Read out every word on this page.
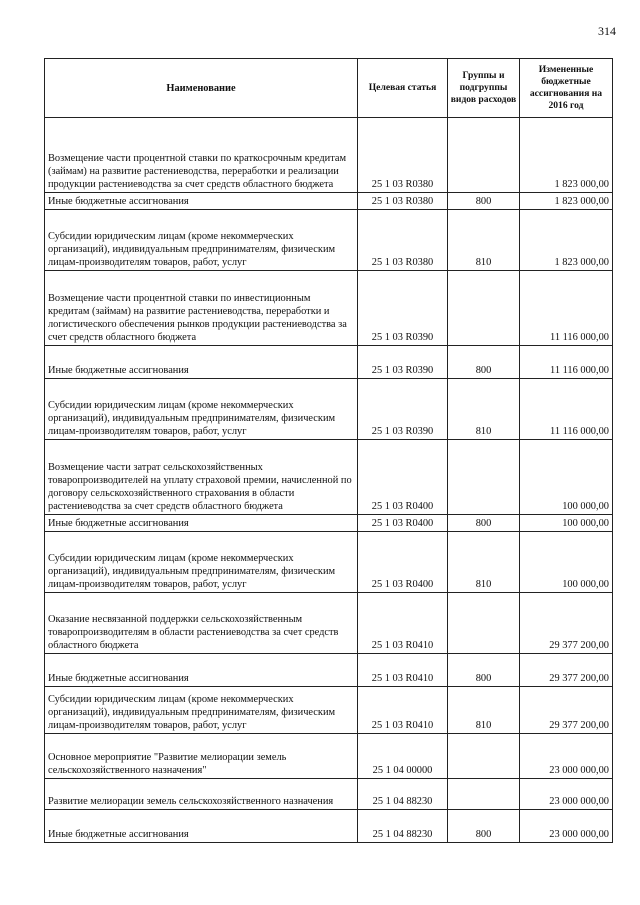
314
Наименование	Целевая статья	Группы и подгруппы видов расходов	Измененные бюджетные ассигнования на 2016 год
Возмещение части процентной ставки по краткосрочным кредитам (займам) на развитие растениеводства, переработки и реализации продукции растениеводства за счет средств областного бюджета	25 1 03 R0380		1 823 000,00
Иные бюджетные ассигнования	25 1 03 R0380	800	1 823 000,00
Субсидии юридическим лицам (кроме некоммерческих организаций), индивидуальным предпринимателям, физическим лицам-производителям товаров, работ, услуг	25 1 03 R0380	810	1 823 000,00
Возмещение части процентной ставки по инвестиционным кредитам (займам) на развитие растениеводства, переработки и логистического обеспечения рынков продукции растениеводства за счет средств областного бюджета	25 1 03 R0390		11 116 000,00
Иные бюджетные ассигнования	25 1 03 R0390	800	11 116 000,00
Субсидии юридическим лицам (кроме некоммерческих организаций), индивидуальным предпринимателям, физическим лицам-производителям товаров, работ, услуг	25 1 03 R0390	810	11 116 000,00
Возмещение части затрат сельскохозяйственных товаропроизводителей на уплату страховой премии, начисленной по договору сельскохозяйственного страхования в области растениеводства за счет средств областного бюджета	25 1 03 R0400		100 000,00
Иные бюджетные ассигнования	25 1 03 R0400	800	100 000,00
Субсидии юридическим лицам (кроме некоммерческих организаций), индивидуальным предпринимателям, физическим лицам-производителям товаров, работ, услуг	25 1 03 R0400	810	100 000,00
Оказание несвязанной поддержки сельскохозяйственным товаропроизводителям в области растениеводства за счет средств областного бюджета	25 1 03 R0410		29 377 200,00
Иные бюджетные ассигнования	25 1 03 R0410	800	29 377 200,00
Субсидии юридическим лицам (кроме некоммерческих организаций), индивидуальным предпринимателям, физическим лицам-производителям товаров, работ, услуг	25 1 03 R0410	810	29 377 200,00
Основное мероприятие "Развитие мелиорации земель сельскохозяйственного назначения"	25 1 04 00000		23 000 000,00
Развитие мелиорации земель сельскохозяйственного назначения	25 1 04 88230		23 000 000,00
Иные бюджетные ассигнования	25 1 04 88230	800	23 000 000,00
